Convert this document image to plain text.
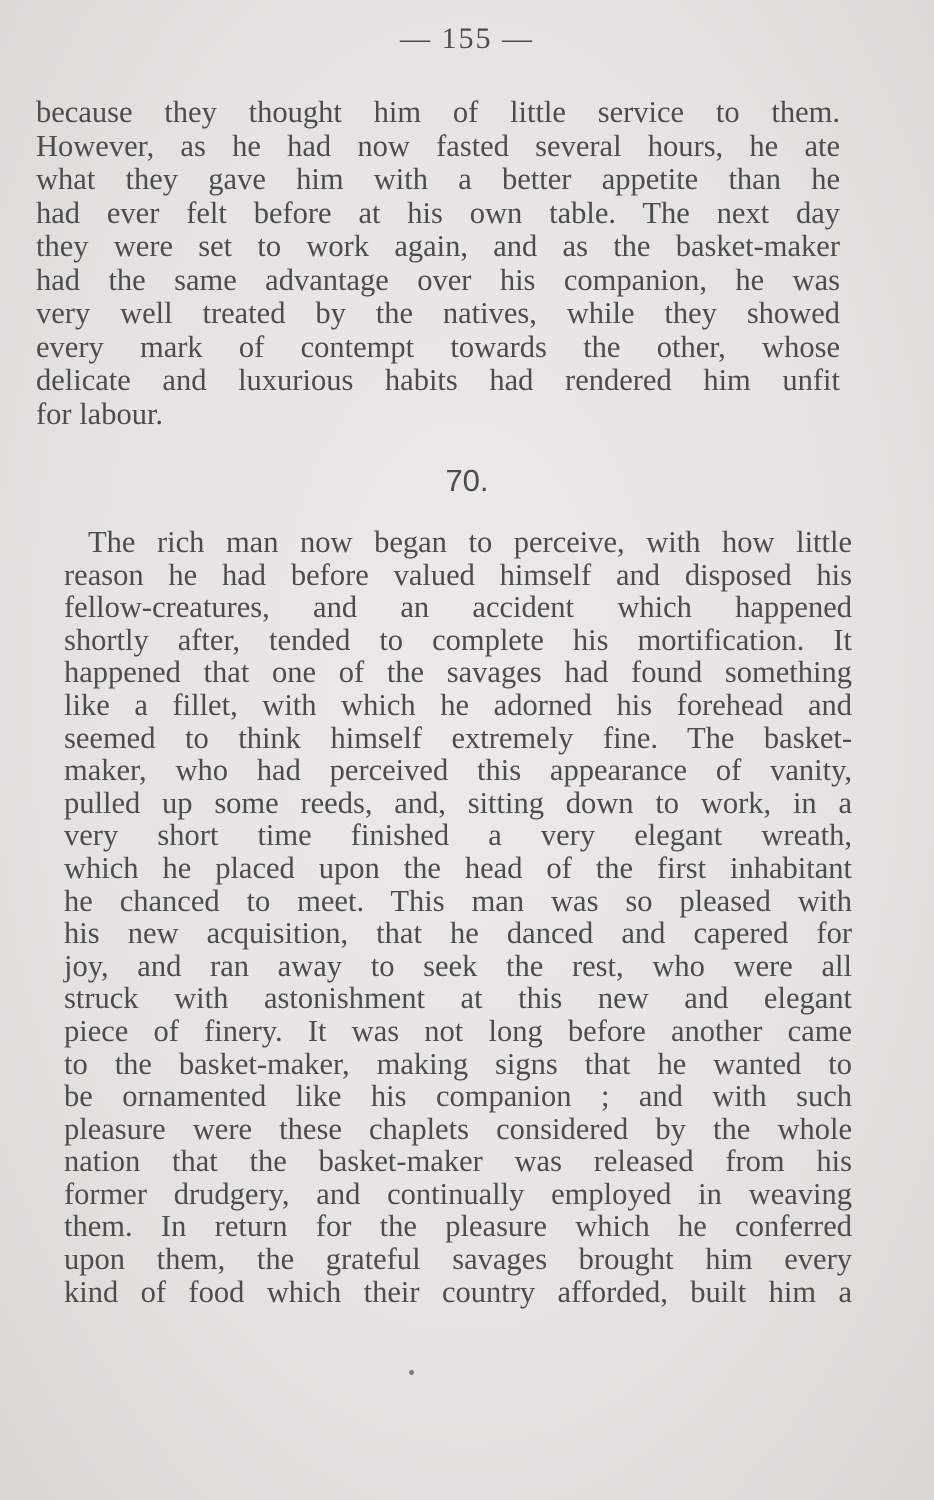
— 155 —
because they thought him of little service to them.
However, as he had now fasted several hours, he ate
what they gave him with a better appetite than he
had ever felt before at his own table. The next day
they were set to work again, and as the basket-maker
had the same advantage over his companion, he was
very well treated by the natives, while they showed
every mark of contempt towards the other, whose
delicate and luxurious habits had rendered him unfit
for labour.
70.
The rich man now began to perceive, with how little
reason he had before valued himself and disposed his
fellow-creatures, and an accident which happened
shortly after, tended to complete his mortification. It
happened that one of the savages had found something
like a fillet, with which he adorned his forehead and
seemed to think himself extremely fine. The basket-
maker, who had perceived this appearance of vanity,
pulled up some reeds, and, sitting down to work, in a
very short time finished a very elegant wreath,
which he placed upon the head of the first inhabitant
he chanced to meet. This man was so pleased with
his new acquisition, that he danced and capered for
joy, and ran away to seek the rest, who were all
struck with astonishment at this new and elegant
piece of finery. It was not long before another came
to the basket-maker, making signs that he wanted to
be ornamented like his companion ; and with such
pleasure were these chaplets considered by the whole
nation that the basket-maker was released from his
former drudgery, and continually employed in weaving
them. In return for the pleasure which he conferred
upon them, the grateful savages brought him every
kind of food which their country afforded, built him a
